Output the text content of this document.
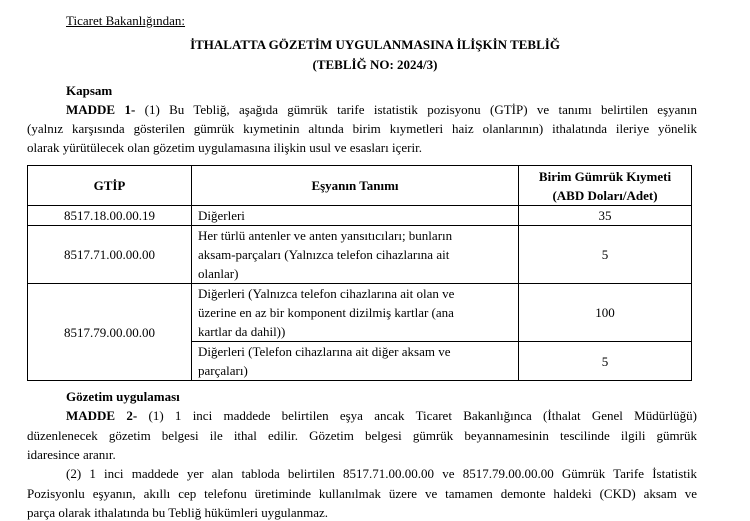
Ticaret Bakanlığından:
İTHALATTA GÖZETİM UYGULANMASINA İLİŞKİN TEBLİĞ
(TEBLİĞ NO: 2024/3)
Kapsam
MADDE 1- (1) Bu Tebliğ, aşağıda gümrük tarife istatistik pozisyonu (GTİP) ve tanımı belirtilen eşyanın
(yalnız karşısında gösterilen gümrük kıymetinin altında birim kıymetleri haiz olanlarının) ithalatında ileriye yönelik
olarak yürütülecek olan gözetim uygulamasına ilişkin usul ve esasları içerir.
GTİP	Eşyanın Tanımı	Birim Gümrük Kıymeti
(ABD Doları/Adet)

8517.18.00.00.19	Diğerleri	35
8517.71.00.00.00	Her türlü antenler ve anten yansıtıcıları; bunların
aksam-parçaları (Yalnızca telefon cihazlarına ait
olanlar)	5
8517.79.00.00.00	Diğerleri (Yalnızca telefon cihazlarına ait olan ve
üzerine en az bir komponent dizilmiş kartlar (ana
kartlar da dahil))	100

	Diğerleri (Telefon cihazlarına ait diğer aksam ve
parçaları)	5
Gözetim uygulaması
MADDE 2- (1) 1 inci maddede belirtilen eşya ancak Ticaret Bakanlığınca (İthalat Genel Müdürlüğü)
düzenlenecek gözetim belgesi ile ithal edilir. Gözetim belgesi gümrük beyannamesinin tescilinde ilgili gümrük
idaresince aranır.
(2) 1 inci maddede yer alan tabloda belirtilen 8517.71.00.00.00 ve 8517.79.00.00.00 Gümrük Tarife İstatistik
Pozisyonlu eşyanın, akıllı cep telefonu üretiminde kullanılmak üzere ve tamamen demonte haldeki (CKD) aksam ve
parça olarak ithalatında bu Tebliğ hükümleri uygulanmaz.
